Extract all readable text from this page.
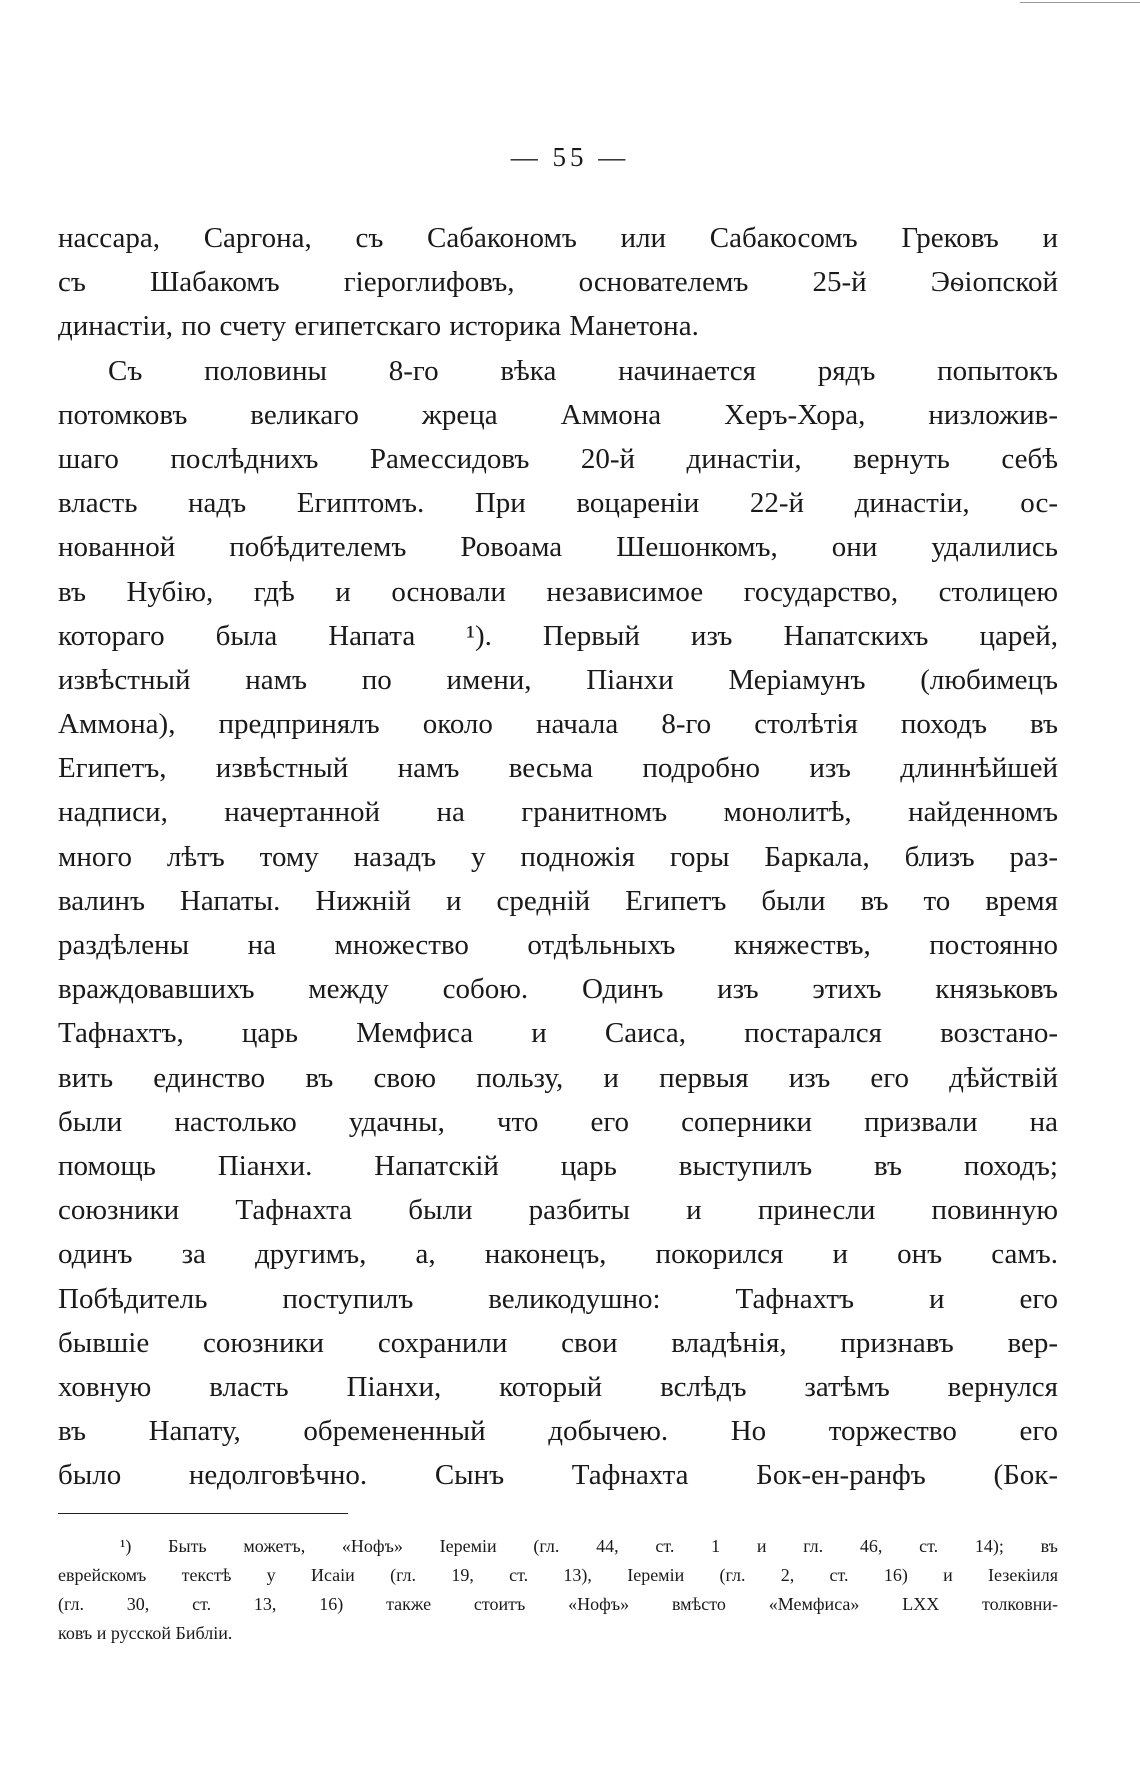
— 55 —
нассара, Саргона, съ Сабакономъ или Сабакосомъ Грековъ и
съ Шабакомъ гіероглифовъ, основателемъ 25-й Эѳіопской
династіи, по счету египетскаго историка Манетона.
Съ половины 8-го вѣка начинается рядъ попытокъ
потомковъ великаго жреца Аммона Херъ-Хора, низложив-
шаго послѣднихъ Рамессидовъ 20-й династіи, вернуть себѣ
власть надъ Египтомъ. При воцареніи 22-й династіи, ос-
нованной побѣдителемъ Ровоама Шешонкомъ, они удалились
въ Нубію, гдѣ и основали независимое государство, столицею
котораго была Напата ¹). Первый изъ Напатскихъ царей,
извѣстный намъ по имени, Піанхи Меріамунъ (любимецъ
Аммона), предпринялъ около начала 8-го столѣтія походъ въ
Египетъ, извѣстный намъ весьма подробно изъ длиннѣйшей
надписи, начертанной на гранитномъ монолитѣ, найденномъ
много лѣтъ тому назадъ у подножія горы Баркала, близъ раз-
валинъ Напаты. Нижній и средній Египетъ были въ то время
раздѣлены на множество отдѣльныхъ княжествъ, постоянно
враждовавшихъ между собою. Одинъ изъ этихъ князьковъ
Тафнахтъ, царь Мемфиса и Саиса, постарался возстано-
вить единство въ свою пользу, и первыя изъ его дѣйствій
были настолько удачны, что его соперники призвали на
помощь Піанхи. Напатскій царь выступилъ въ походъ;
союзники Тафнахта были разбиты и принесли повинную
одинъ за другимъ, а, наконецъ, покорился и онъ самъ.
Побѣдитель поступилъ великодушно: Тафнахтъ и его
бывшіе союзники сохранили свои владѣнія, признавъ вер-
ховную власть Піанхи, который вслѣдъ затѣмъ вернулся
въ Напату, обремененный добычею. Но торжество его
было недолговѣчно. Сынъ Тафнахта Бок-ен-ранфъ (Бок-
¹) Быть можетъ, «Нофъ» Іереміи (гл. 44, ст. 1 и гл. 46, ст. 14); въ
еврейскомъ текстѣ у Исаіи (гл. 19, ст. 13), Іереміи (гл. 2, ст. 16) и Іезекіиля
(гл. 30, ст. 13, 16) также стоитъ «Нофъ» вмѣсто «Мемфиса» LXX толковни-
ковъ и русской Библіи.
